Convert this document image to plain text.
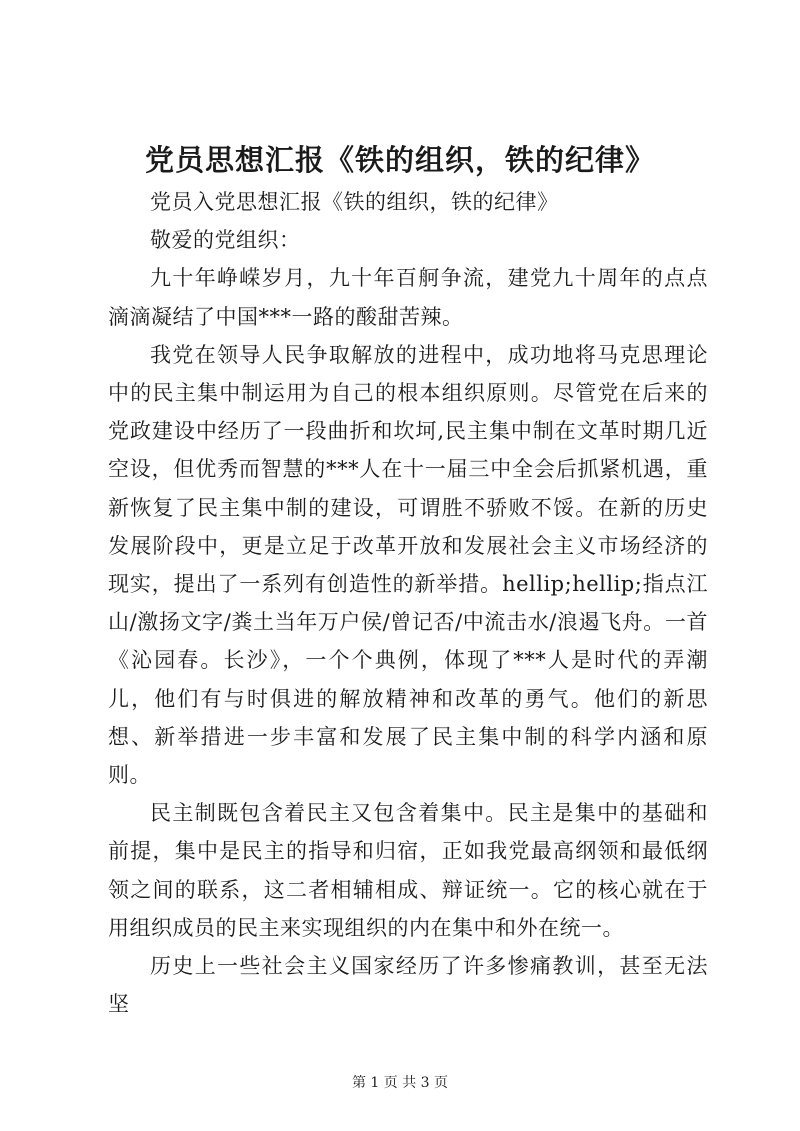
党员思想汇报《铁的组织，铁的纪律》

党员入党思想汇报《铁的组织，铁的纪律》

敬爱的党组织：

九十年峥嵘岁月，九十年百舸争流，建党九十周年的点点滴滴凝结了中国***一路的酸甜苦辣。

我党在领导人民争取解放的进程中，成功地将马克思理论中的民主集中制运用为自己的根本组织原则。尽管党在后来的党政建设中经历了一段曲折和坎坷,民主集中制在文革时期几近空设，但优秀而智慧的***人在十一届三中全会后抓紧机遇，重新恢复了民主集中制的建设，可谓胜不骄败不馁。在新的历史发展阶段中，更是立足于改革开放和发展社会主义市场经济的现实，提出了一系列有创造性的新举措。hellip;hellip;指点江山/激扬文字/粪土当年万户侯/曾记否/中流击水/浪遏飞舟。一首《沁园春。长沙》，一个个典例，体现了***人是时代的弄潮儿，他们有与时俱进的解放精神和改革的勇气。他们的新思想、新举措进一步丰富和发展了民主集中制的科学内涵和原则。

民主制既包含着民主又包含着集中。民主是集中的基础和前提，集中是民主的指导和归宿，正如我党最高纲领和最低纲领之间的联系，这二者相辅相成、辩证统一。它的核心就在于用组织成员的民主来实现组织的内在集中和外在统一。

历史上一些社会主义国家经历了许多惨痛教训，甚至无法坚

第 1 页 共 3 页
